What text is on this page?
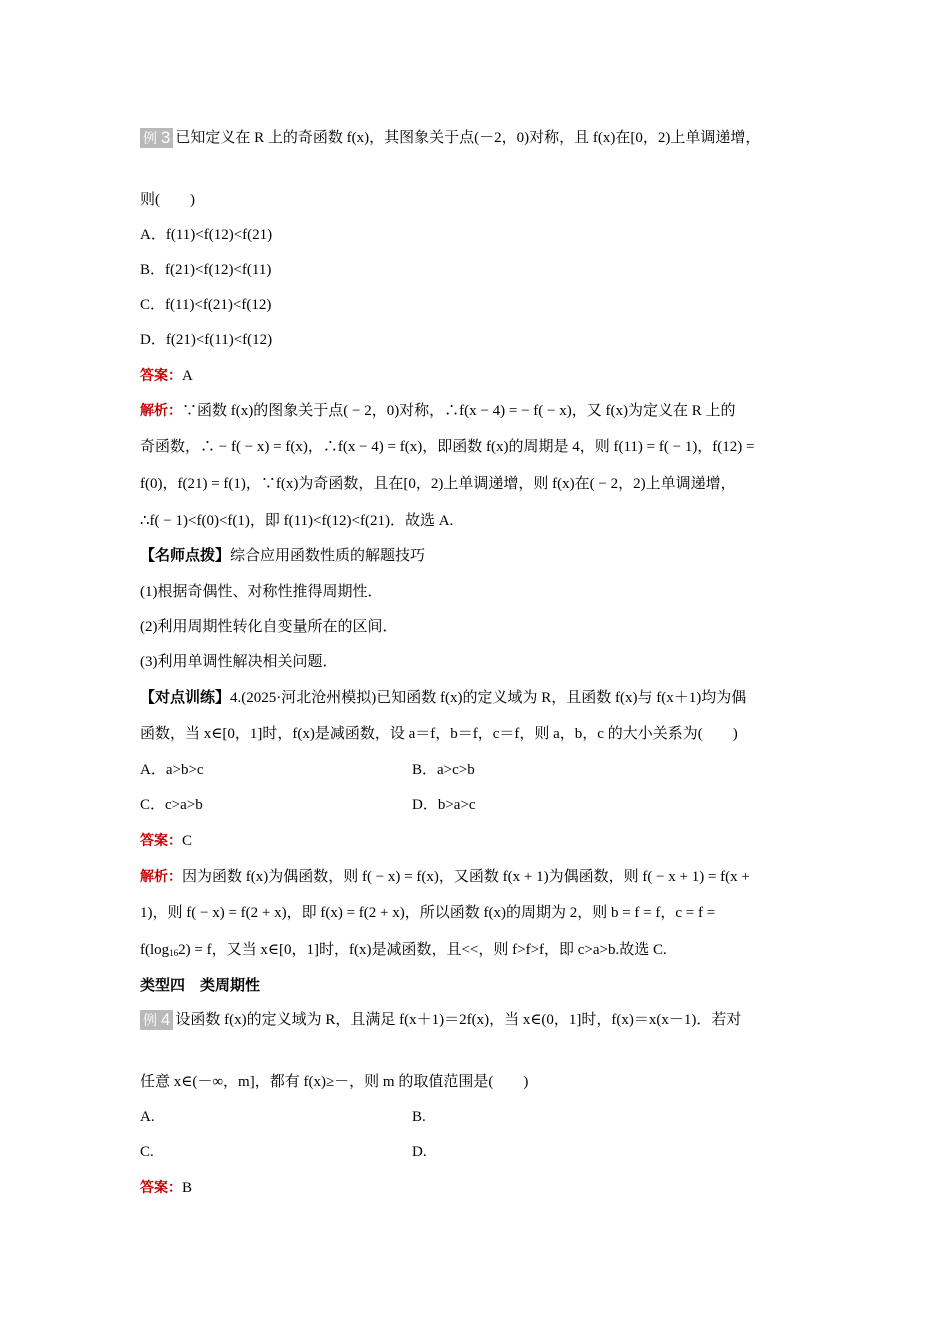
例 3 已知定义在 R 上的奇函数 f(x)，其图象关于点(－2，0)对称，且 f(x)在[0，2)上单调递增，
则(　　)
A．f(11)<f(12)<f(21)
B．f(21)<f(12)<f(11)
C．f(11)<f(21)<f(12)
D．f(21)<f(11)<f(12)
答案：A
解析：∵函数 f(x)的图象关于点( − 2，0)对称，∴f(x − 4) = − f( − x)，又 f(x)为定义在 R 上的
奇函数，∴ − f( − x) = f(x)，∴f(x − 4) = f(x)，即函数 f(x)的周期是 4，则 f(11) = f( − 1)，f(12) =
f(0)，f(21) = f(1)，∵f(x)为奇函数，且在[0，2)上单调递增，则 f(x)在( − 2，2)上单调递增，
∴f( − 1)<f(0)<f(1)，即 f(11)<f(12)<f(21)．故选 A.
【名师点拨】综合应用函数性质的解题技巧
(1)根据奇偶性、对称性推得周期性．
(2)利用周期性转化自变量所在的区间．
(3)利用单调性解决相关问题．
【对点训练】4.(2025·河北沧州模拟)已知函数 f(x)的定义域为 R，且函数 f(x)与 f(x＋1)均为偶
函数，当 x∈[0，1]时，f(x)是减函数，设 a＝f，b＝f，c＝f，则 a，b，c 的大小关系为(　　)
A．a>b>c	B．a>c>b
C．c>a>b	D．b>a>c
答案：C
解析：因为函数 f(x)为偶函数，则 f( − x) = f(x)，又函数 f(x + 1)为偶函数，则 f( − x + 1) = f(x +
1)，则 f( − x) = f(2 + x)，即 f(x) = f(2 + x)，所以函数 f(x)的周期为 2，则 b = f = f，c = f =
$f(\log_{16}2) = f$，又当 x∈[0，1]时，f(x)是减函数，且<<，则 f>f>f，即 c>a>b.故选 C.
类型四　类周期性
例 4 设函数 f(x)的定义域为 R，且满足 f(x＋1)＝2f(x)，当 x∈(0，1]时，f(x)＝x(x－1)．若对
任意 x∈(－∞，m]，都有 f(x)≥－，则 m 的取值范围是(　　)
A.	B.
C.	D.
答案：B
